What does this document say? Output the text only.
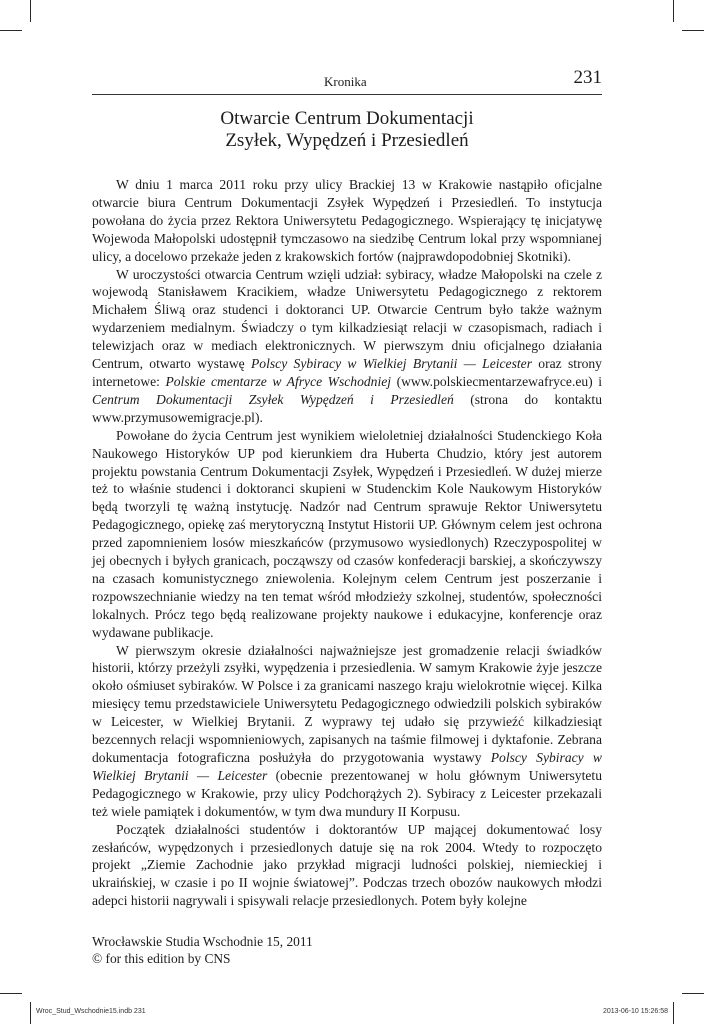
Kronika	231
Otwarcie Centrum Dokumentacji
Zsyłek, Wypędzeń i Przesiedleń

W dniu 1 marca 2011 roku przy ulicy Brackiej 13 w Krakowie nastąpiło oficjalne otwarcie biura Centrum Dokumentacji Zsyłek Wypędzeń i Przesiedleń. To instytucja powołana do życia przez Rektora Uniwersytetu Pedagogicznego. Wspierający tę inicjatywę Wojewoda Małopolski udostępnił tymczasowo na siedzibę Centrum lokal przy wspomnianej ulicy, a docelowo przekaże jeden z krakowskich fortów (najprawdopodobniej Skotniki).

W uroczystości otwarcia Centrum wzięli udział: sybiracy, władze Małopolski na czele z wojewodą Stanisławem Kracikiem, władze Uniwersytetu Pedagogicznego z rektorem Michałem Śliwą oraz studenci i doktoranci UP. Otwarcie Centrum było także ważnym wydarzeniem medialnym. Świadczy o tym kilkadziesiąt relacji w czasopismach, radiach i telewizjach oraz w mediach elektronicznych. W pierwszym dniu oficjalnego działania Centrum, otwarto wystawę Polscy Sybiracy w Wielkiej Brytanii — Leicester oraz strony internetowe: Polskie cmentarze w Afryce Wschodniej (www.polskiecmentarzewafryce.eu) i Centrum Dokumentacji Zsyłek Wypędzeń i Przesiedleń (strona do kontaktu www.przymusowemigracje.pl).

Powołane do życia Centrum jest wynikiem wieloletniej działalności Studenckiego Koła Naukowego Historyków UP pod kierunkiem dra Huberta Chudzio, który jest autorem projektu powstania Centrum Dokumentacji Zsyłek, Wypędzeń i Przesiedleń. W dużej mierze też to właśnie studenci i doktoranci skupieni w Studenckim Kole Naukowym Historyków będą tworzyli tę ważną instytucję. Nadzór nad Centrum sprawuje Rektor Uniwersytetu Pedagogicznego, opiekę zaś merytoryczną Instytut Historii UP. Głównym celem jest ochrona przed zapomnieniem losów mieszkańców (przymusowo wysiedlonych) Rzeczypospolitej w jej obecnych i byłych granicach, począwszy od czasów konfederacji barskiej, a skończywszy na czasach komunistycznego zniewolenia. Kolejnym celem Centrum jest poszerzanie i rozpowszechnianie wiedzy na ten temat wśród młodzieży szkolnej, studentów, społeczności lokalnych. Prócz tego będą realizowane projekty naukowe i edukacyjne, konferencje oraz wydawane publikacje.

W pierwszym okresie działalności najważniejsze jest gromadzenie relacji świadków historii, którzy przeżyli zsyłki, wypędzenia i przesiedlenia. W samym Krakowie żyje jeszcze około ośmiuset sybiraków. W Polsce i za granicami naszego kraju wielokrotnie więcej. Kilka miesięcy temu przedstawiciele Uniwersytetu Pedagogicznego odwiedzili polskich sybiraków w Leicester, w Wielkiej Brytanii. Z wyprawy tej udało się przywieźć kilkadziesiąt bezcennych relacji wspomnieniowych, zapisanych na taśmie filmowej i dyktafonie. Zebrana dokumentacja fotograficzna posłużyła do przygotowania wystawy Polscy Sybiracy w Wielkiej Brytanii — Leicester (obecnie prezentowanej w holu głównym Uniwersytetu Pedagogicznego w Krakowie, przy ulicy Podchorążych 2). Sybiracy z Leicester przekazali też wiele pamiątek i dokumentów, w tym dwa mundury II Korpusu.

Początek działalności studentów i doktorantów UP mającej dokumentować losy zesłańców, wypędzonych i przesiedlonych datuje się na rok 2004. Wtedy to rozpoczęto projekt „Ziemie Zachodnie jako przykład migracji ludności polskiej, niemieckiej i ukraińskiej, w czasie i po II wojnie światowej”. Podczas trzech obozów naukowych młodzi adepci historii nagrywali i spisywali relacje przesiedlonych. Potem były kolejne

Wrocławskie Studia Wschodnie 15, 2011
© for this edition by CNS
Wroc_Stud_Wschodnie15.indb 231	2013-06-10 15:26:58
